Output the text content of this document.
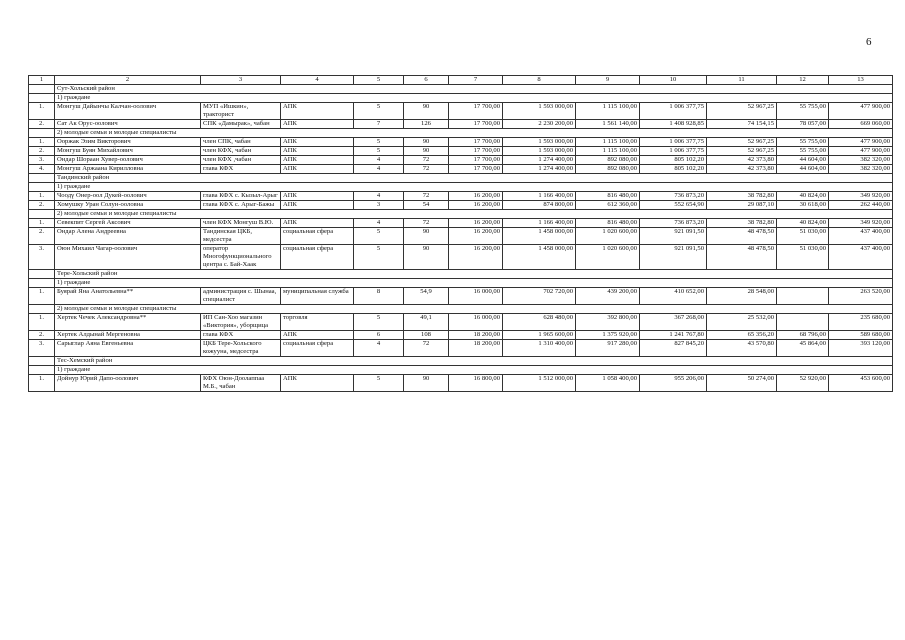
6
1	2	3	4	5	6	7	8	9	10	11	12	13
	Сут-Хольский район											
	1) граждане											
1.	Монгуш Дайынчы Калчан-оолович	МУП «Ишкин», тракторист	АПК	5	90	17 700,00	1 593 000,00	1 115 100,00	1 006 377,75	52 967,25	55 755,00	477 900,00
2.	Сат Ак Орус-оолович	СПК «Дамырак», чабан	АПК	7	126	17 700,00	2 230 200,00	1 561 140,00	1 408 928,85	74 154,15	78 057,00	669 060,00
	2) молодые семьи и молодые специалисты											
1.	Ооржак Эзим Викторович	член СПК, чабан	АПК	5	90	17 700,00	1 593 000,00	1 115 100,00	1 006 377,75	52 967,25	55 755,00	477 900,00
2.	Монгуш Буян Михайлович	член КФХ, чабан	АПК	5	90	17 700,00	1 593 000,00	1 115 100,00	1 006 377,75	52 967,25	55 755,00	477 900,00
3.	Ондар Шораан Хувер-оолович	член КФХ ,чабан	АПК	4	72	17 700,00	1 274 400,00	892 080,00	805 102,20	42 373,80	44 604,00	382 320,00
4.	Монгуш Аржаана Кирилловна	глава КФХ	АПК	4	72	17 700,00	1 274 400,00	892 080,00	805 102,20	42 373,80	44 604,00	382 320,00
	Тандинский район											
	1) граждане											
1.	Чоодү Онер-оол Дукей-оолович	глава КФХ с. Кызыл-Арыг	АПК	4	72	16 200,00	1 166 400,00	816 480,00	736 873,20	38 782,80	40 824,00	349 920,00
2.	Хомушку Уран Солун-ооловна	глава КФХ с. Арыг-Бажы	АПК	3	54	16 200,00	874 800,00	612 360,00	552 654,90	29 087,10	30 618,00	262 440,00
	2) молодые семьи и молодые специалисты											
1.	Севекпит Сергей Аксович	член КФХ Монгуш В.Ю.	АПК	4	72	16 200,00	1 166 400,00	816 480,00	736 873,20	38 782,80	40 824,00	349 920,00
2.	Ондар Алена Андреевна	Тандинская ЦКБ, медсестра	социальная сфера	5	90	16 200,00	1 458 000,00	1 020 600,00	921 091,50	48 478,50	51 030,00	437 400,00
3.	Оюн Михаил Чагар-оолович	оператор Многофункционального центра с. Бай-Хаак	социальная сфера	5	90	16 200,00	1 458 000,00	1 020 600,00	921 091,50	48 478,50	51 030,00	437 400,00
	Тере-Хольский район											
	1) граждане											
1.	Буярай Яна Анатольевна**	администрация с. Шынаа, специалист	муниципальная служба	8	54,9	16 000,00	702 720,00	439 200,00	410 652,00	28 548,00		263 520,00
	2) молодые семьи и молодые специалисты											
1.	Хертек Чечек Александровна**	ИП Сан-Хоо магазин «Виктория», уборщица	торговля	5	49,1	16 000,00	628 480,00	392 800,00	367 268,00	25 532,00		235 680,00
2.	Хертек Алдынай Мергеновна	глава КФХ	АПК	6	108	18 200,00	1 965 600,00	1 375 920,00	1 241 767,80	65 356,20	68 796,00	589 680,00
3.	Сарыглар Аяна Евгеньевна	ЦКБ Тере-Хольского кожууна, медсестра	социальная сфера	4	72	18 200,00	1 310 400,00	917 280,00	827 845,20	43 570,80	45 864,00	393 120,00
	Тес-Хемский район											
	1) граждане											
1.	Дойнур Юрий Дапо-оолович	КФХ Оюн-Доолаппаа М.Б., чабан	АПК	5	90	16 800,00	1 512 000,00	1 058 400,00	955 206,00	50 274,00	52 920,00	453 600,00
